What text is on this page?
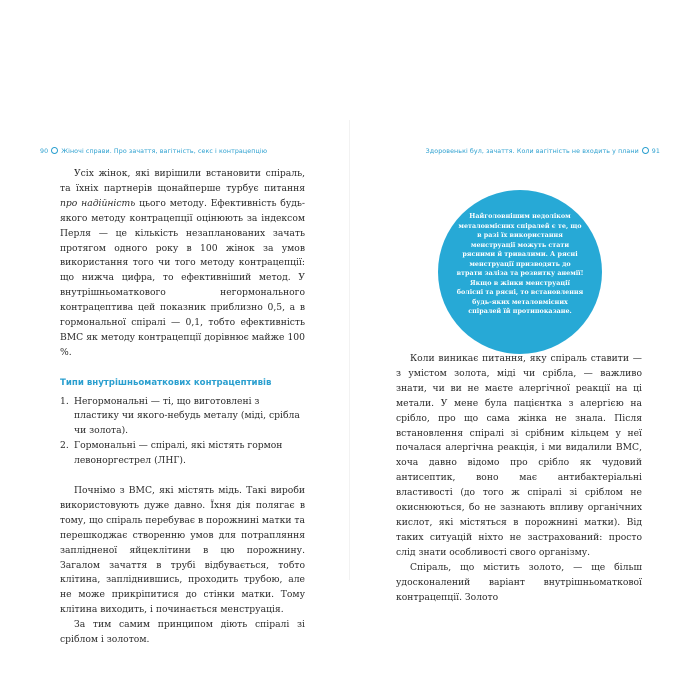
90 Жіночі справи. Про зачаття, вагітність, секс і контрацепцію

Усіх жінок, які вирішили встановити спіраль, та їхніх партнерів щонайперше турбує питання про надійність цього методу. Ефективність будь-якого методу контрацепції оцінюють за індексом Перля — це кількість незапланованих зачать протягом одного року в 100 жінок за умов використання того чи того методу контрацепції: що нижча цифра, то ефективніший метод. У внутрішньоматкового негормонального контрацептива цей показник приблизно 0,5, а в гормональної спіралі — 0,1, тобто ефективність ВМС як методу контрацепції дорівнює майже 100 %.

Типи внутрішньоматкових контрацептивів
1. Негормональні — ті, що виготовлені з пластику чи якого-небудь металу (міді, срібла чи золота).
2. Гормональні — спіралі, які містять гормон левоноргестрел (ЛНГ).

Почнімо з ВМС, які містять мідь. Такі вироби використовують дуже давно. Їхня дія полягає в тому, що спіраль перебуває в порожнині матки та перешкоджає створенню умов для потрапляння заплідненої яйцеклітини в цю порожнину. Загалом зачаття в трубі відбувається, тобто клітина, запліднившись, проходить трубою, але не може прикріпитися до стінки матки. Тому клітина виходить, і починається менструація.

За тим самим принципом діють спіралі зі сріблом і золотом.

Здоровенькі бул, зачаття. Коли вагітність не входить у плани 91
Найголовнішим недоліком металовмісних спіралей є те, що в разі їх використання менструації можуть стати рясними й тривалими. А рясні менструації призводять до втрати заліза та розвитку анемії! Якщо в жінки менструації болісні та рясні, то встановлення будь-яких металовмісних спіралей їй протипоказане.

Коли виникає питання, яку спіраль ставити — з умістом золота, міді чи срібла, — важливо знати, чи ви не маєте алергічної реакції на ці метали. У мене була пацієнтка з алергією на срібло, про що сама жінка не знала. Після встановлення спіралі зі срібним кільцем у неї почалася алергічна реакція, і ми видалили ВМС, хоча давно відомо про срібло як чудовий антисептик, воно має антибактеріальні властивості (до того ж спіралі зі сріблом не окиснюються, бо не зазнають впливу органічних кислот, які містяться в порожнині матки). Від таких ситуацій ніхто не застрахований: просто слід знати особливості свого організму.

Спіраль, що містить золото, — ще більш удосконалений варіант внутрішньоматкової контрацепції. Золото
